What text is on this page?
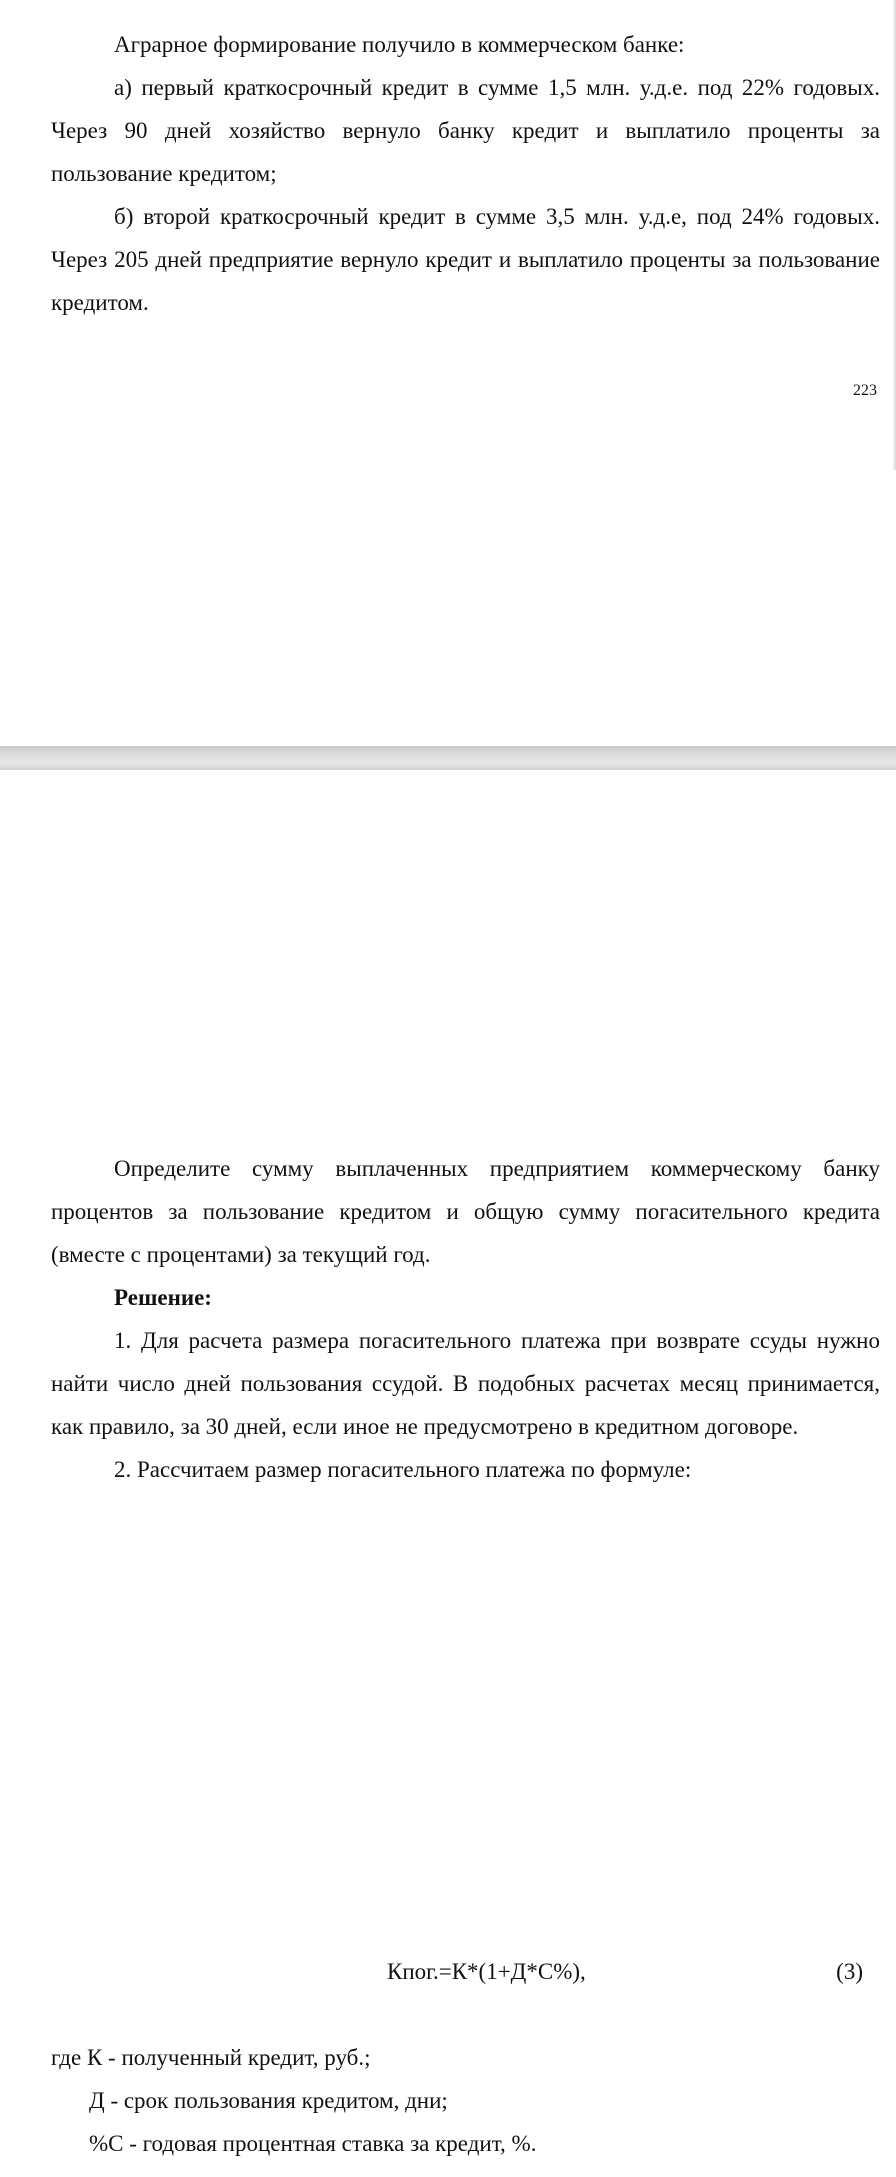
Аграрное формирование получило в коммерческом банке:

а) первый краткосрочный кредит в сумме 1,5 млн. у.д.е. под 22% годовых. Через 90 дней хозяйство вернуло банку кредит и выплатило проценты за пользование кредитом;

б) второй краткосрочный кредит в сумме 3,5 млн. у.д.е, под 24% годовых. Через 205 дней предприятие вернуло кредит и выплатило проценты за пользование кредитом.

223

Определите сумму выплаченных предприятием коммерческому банку процентов за пользование кредитом и общую сумму погасительного кредита (вместе с процентами) за текущий год.

Решение:

1. Для расчета размера погасительного платежа при возврате ссуды нужно найти число дней пользования ссудой. В подобных расчетах месяц принимается, как правило, за 30 дней, если иное не предусмотрено в кредитном договоре.

2. Рассчитаем размер погасительного платежа по формуле:

Кпог.=К*(1+Д*С%),	(3)
где К - полученный кредит, руб.;
Д - срок пользования кредитом, дни;
%С - годовая процентная ставка за кредит, %.
